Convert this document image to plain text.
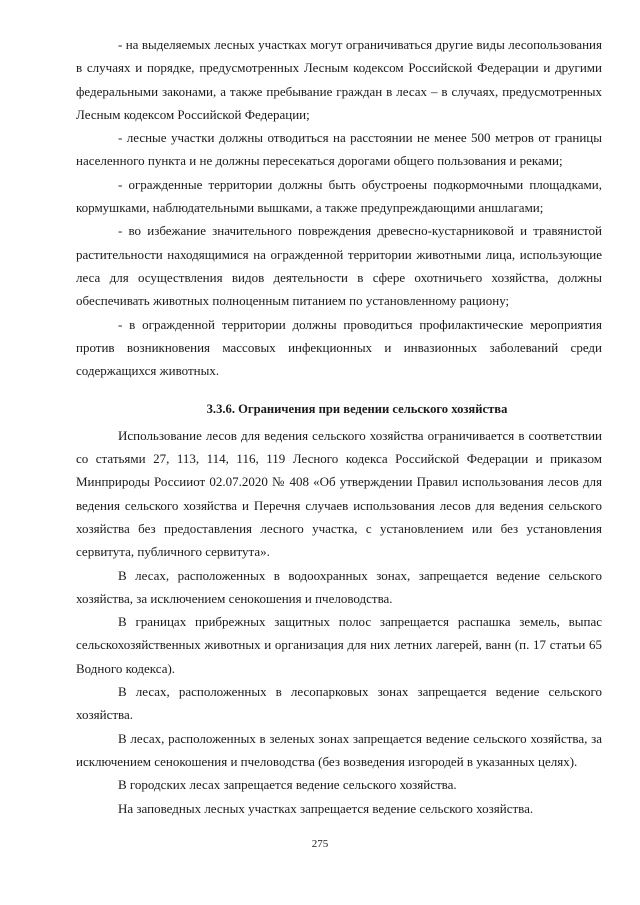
- на выделяемых лесных участках могут ограничиваться другие виды лесопользования в случаях и порядке, предусмотренных Лесным кодексом Российской Федерации и другими федеральными законами, а также пребывание граждан в лесах – в случаях, предусмотренных Лесным кодексом Российской Федерации;

- лесные участки должны отводиться на расстоянии не менее 500 метров от границы населенного пункта и не должны пересекаться дорогами общего пользования и реками;

- огражденные территории должны быть обустроены подкормочными площадками, кормушками, наблюдательными вышками, а также предупреждающими аншлагами;

- во избежание значительного повреждения древесно-кустарниковой и травянистой растительности находящимися на огражденной территории животными лица, использующие леса для осуществления видов деятельности в сфере охотничьего хозяйства, должны обеспечивать животных полноценным питанием по установленному рациону;

- в огражденной территории должны проводиться профилактические мероприятия против возникновения массовых инфекционных и инвазионных заболеваний среди содержащихся животных.

3.3.6. Ограничения при ведении сельского хозяйства

Использование лесов для ведения сельского хозяйства ограничивается в соответствии со статьями 27, 113, 114, 116, 119 Лесного кодекса Российской Федерации и приказом Минприроды Россииот 02.07.2020 № 408 «Об утверждении Правил использования лесов для ведения сельского хозяйства и Перечня случаев использования лесов для ведения сельского хозяйства без предоставления лесного участка, с установлением или без установления сервитута, публичного сервитута».

В лесах, расположенных в водоохранных зонах, запрещается ведение сельского хозяйства, за исключением сенокошения и пчеловодства.

В границах прибрежных защитных полос запрещается распашка земель, выпас сельскохозяйственных животных и организация для них летних лагерей, ванн (п. 17 статьи 65 Водного кодекса).

В лесах, расположенных в лесопарковых зонах запрещается ведение сельского хозяйства.

В лесах, расположенных в зеленых зонах запрещается ведение сельского хозяйства, за исключением сенокошения и пчеловодства (без возведения изгородей в указанных целях).

В городских лесах запрещается ведение сельского хозяйства.

На заповедных лесных участках запрещается ведение сельского хозяйства.

275
